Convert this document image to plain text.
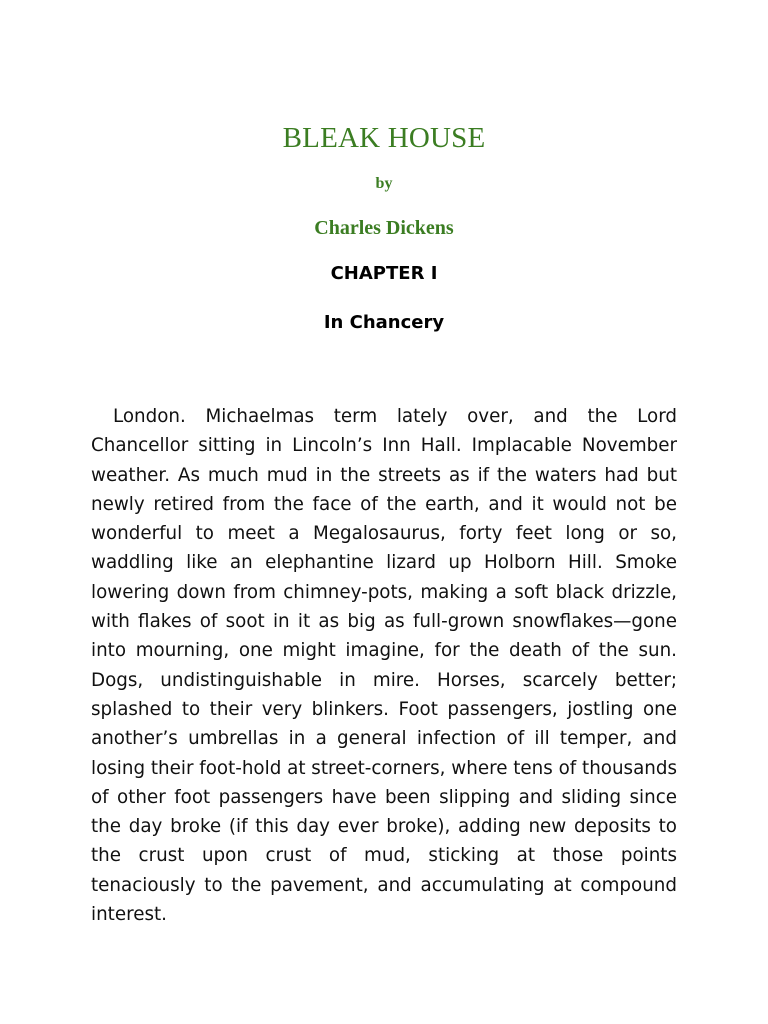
BLEAK HOUSE
by
Charles Dickens
CHAPTER I
In Chancery

London. Michaelmas term lately over, and the Lord Chancellor sitting in Lincoln’s Inn Hall. Implacable November weather. As much mud in the streets as if the waters had but newly retired from the face of the earth, and it would not be wonderful to meet a Megalosaurus, forty feet long or so, waddling like an elephantine lizard up Holborn Hill. Smoke lowering down from chimney-pots, making a soft black drizzle, with flakes of soot in it as big as full-grown snowflakes—gone into mourning, one might imagine, for the death of the sun. Dogs, undistinguishable in mire. Horses, scarcely better; splashed to their very blinkers. Foot passengers, jostling one another’s umbrellas in a general infection of ill temper, and losing their foot-hold at street-corners, where tens of thousands of other foot passengers have been slipping and sliding since the day broke (if this day ever broke), adding new deposits to the crust upon crust of mud, sticking at those points tenaciously to the pavement, and accumulating at compound interest.
